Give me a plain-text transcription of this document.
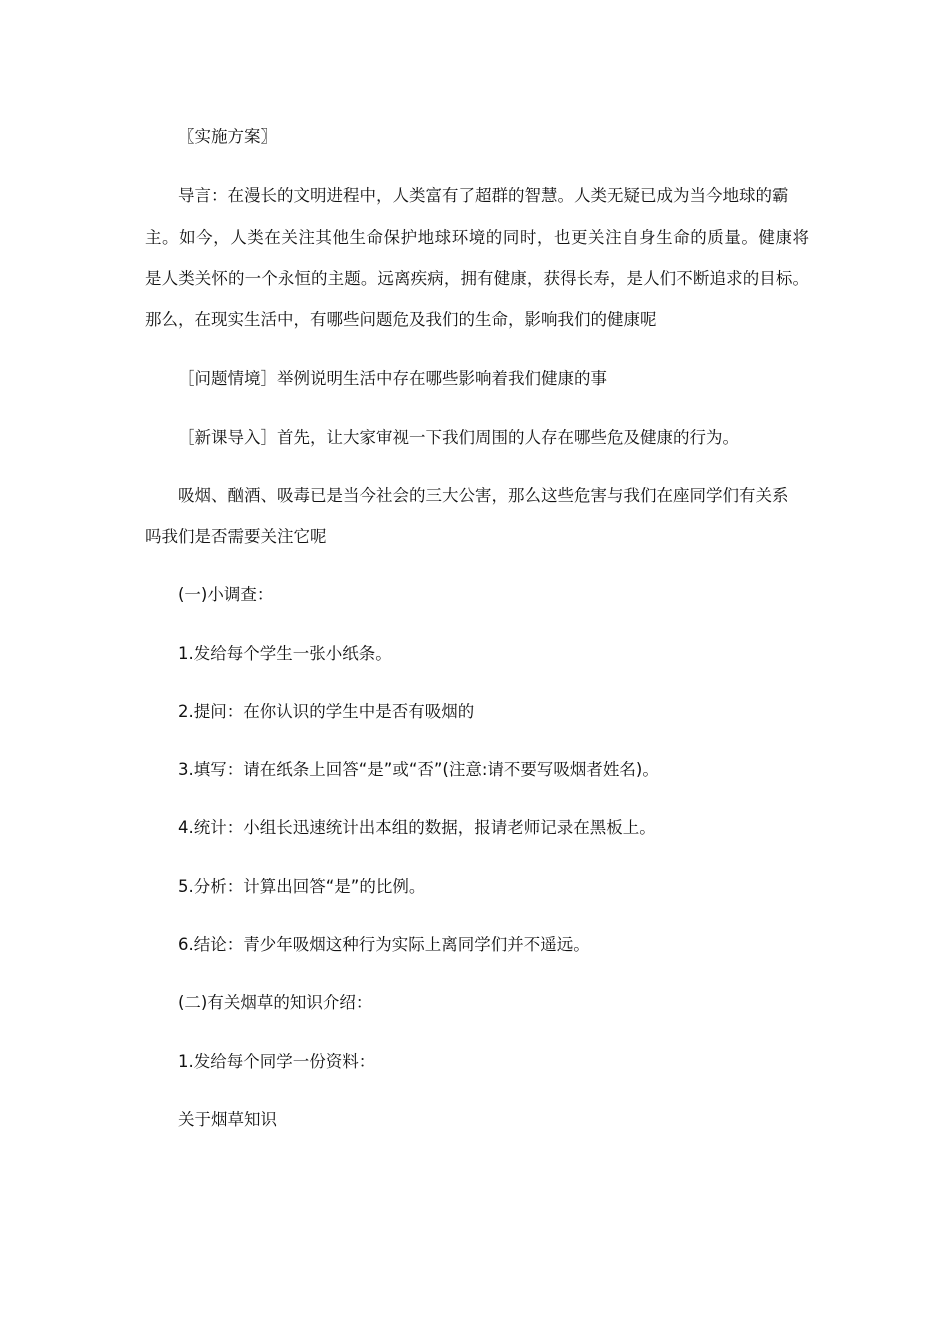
〖实施方案〗
导言：在漫长的文明进程中，人类富有了超群的智慧。人类无疑已成为当今地球的霸
主。如今，人类在关注其他生命保护地球环境的同时，也更关注自身生命的质量。健康将
是人类关怀的一个永恒的主题。远离疾病，拥有健康，获得长寿，是人们不断追求的目标。
那么，在现实生活中，有哪些问题危及我们的生命，影响我们的健康呢
［问题情境］举例说明生活中存在哪些影响着我们健康的事
［新课导入］首先，让大家审视一下我们周围的人存在哪些危及健康的行为。
吸烟、酗酒、吸毒已是当今社会的三大公害，那么这些危害与我们在座同学们有关系
吗我们是否需要关注它呢
(一)小调查：
1.发给每个学生一张小纸条。
2.提问：在你认识的学生中是否有吸烟的
3.填写：请在纸条上回答“是”或“否”(注意:请不要写吸烟者姓名)。
4.统计：小组长迅速统计出本组的数据，报请老师记录在黑板上。
5.分析：计算出回答“是”的比例。
6.结论：青少年吸烟这种行为实际上离同学们并不遥远。
(二)有关烟草的知识介绍：
1.发给每个同学一份资料：
关于烟草知识
